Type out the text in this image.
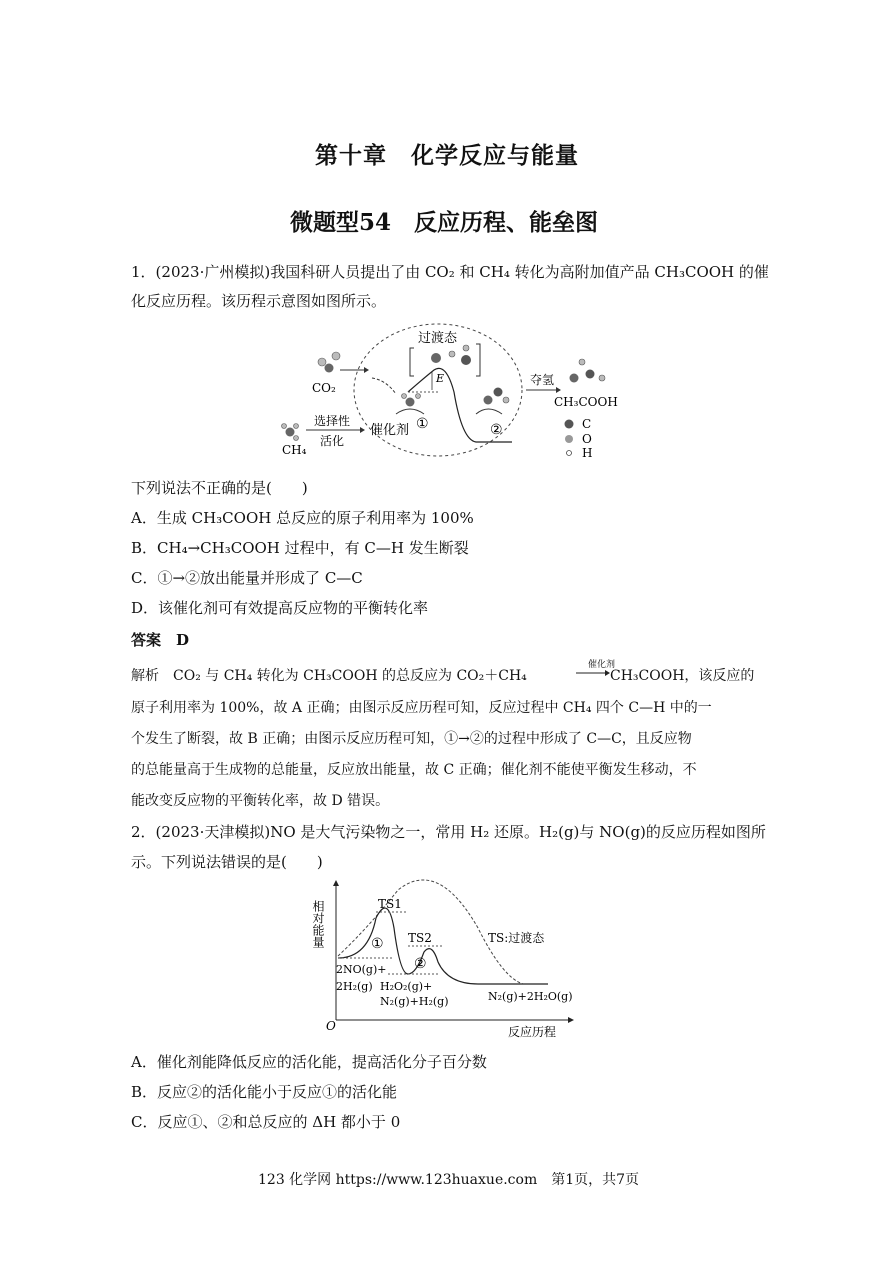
第十章　化学反应与能量
微题型54　反应历程、能垒图
1．(2023·广州模拟)我国科研人员提出了由 CO₂ 和 CH₄ 转化为高附加值产品 CH₃COOH 的催
化反应历程。该历程示意图如图所示。
过渡态
E
CO₂
CH₄
选择性
活化
催化剂 ①	②
夺氢
CH₃COOH
C
O
H
下列说法不正确的是(　　)
A．生成 CH₃COOH 总反应的原子利用率为 100%
B．CH₄→CH₃COOH 过程中，有 C—H 发生断裂
C．①→②放出能量并形成了 C—C
D．该催化剂可有效提高反应物的平衡转化率
答案　D
解析　CO₂ 与 CH₄ 转化为 CH₃COOH 的总反应为 CO₂＋CH₄
催化剂
CH₃COOH，该反应的
原子利用率为 100%，故 A 正确；由图示反应历程可知，反应过程中 CH₄ 四个 C—H 中的一
个发生了断裂，故 B 正确；由图示反应历程可知，①→②的过程中形成了 C—C，且反应物
的总能量高于生成物的总能量，反应放出能量，故 C 正确；催化剂不能使平衡发生移动，不
能改变反应物的平衡转化率，故 D 错误。
2．(2023·天津模拟)NO 是大气污染物之一，常用 H₂ 还原。H₂(g)与 NO(g)的反应历程如图所
示。下列说法错误的是(　　)
相对能量
反应历程
O
TS1
TS2	TS:过渡态
①
②
2NO(g)+
2H₂(g) H₂O₂(g)+
N₂(g)+H₂(g)	N₂(g)+2H₂O(g)
A．催化剂能降低反应的活化能，提高活化分子百分数
B．反应②的活化能小于反应①的活化能
C．反应①、②和总反应的 ΔH 都小于 0
123 化学网 https://www.123huaxue.com　第1页，共7页
